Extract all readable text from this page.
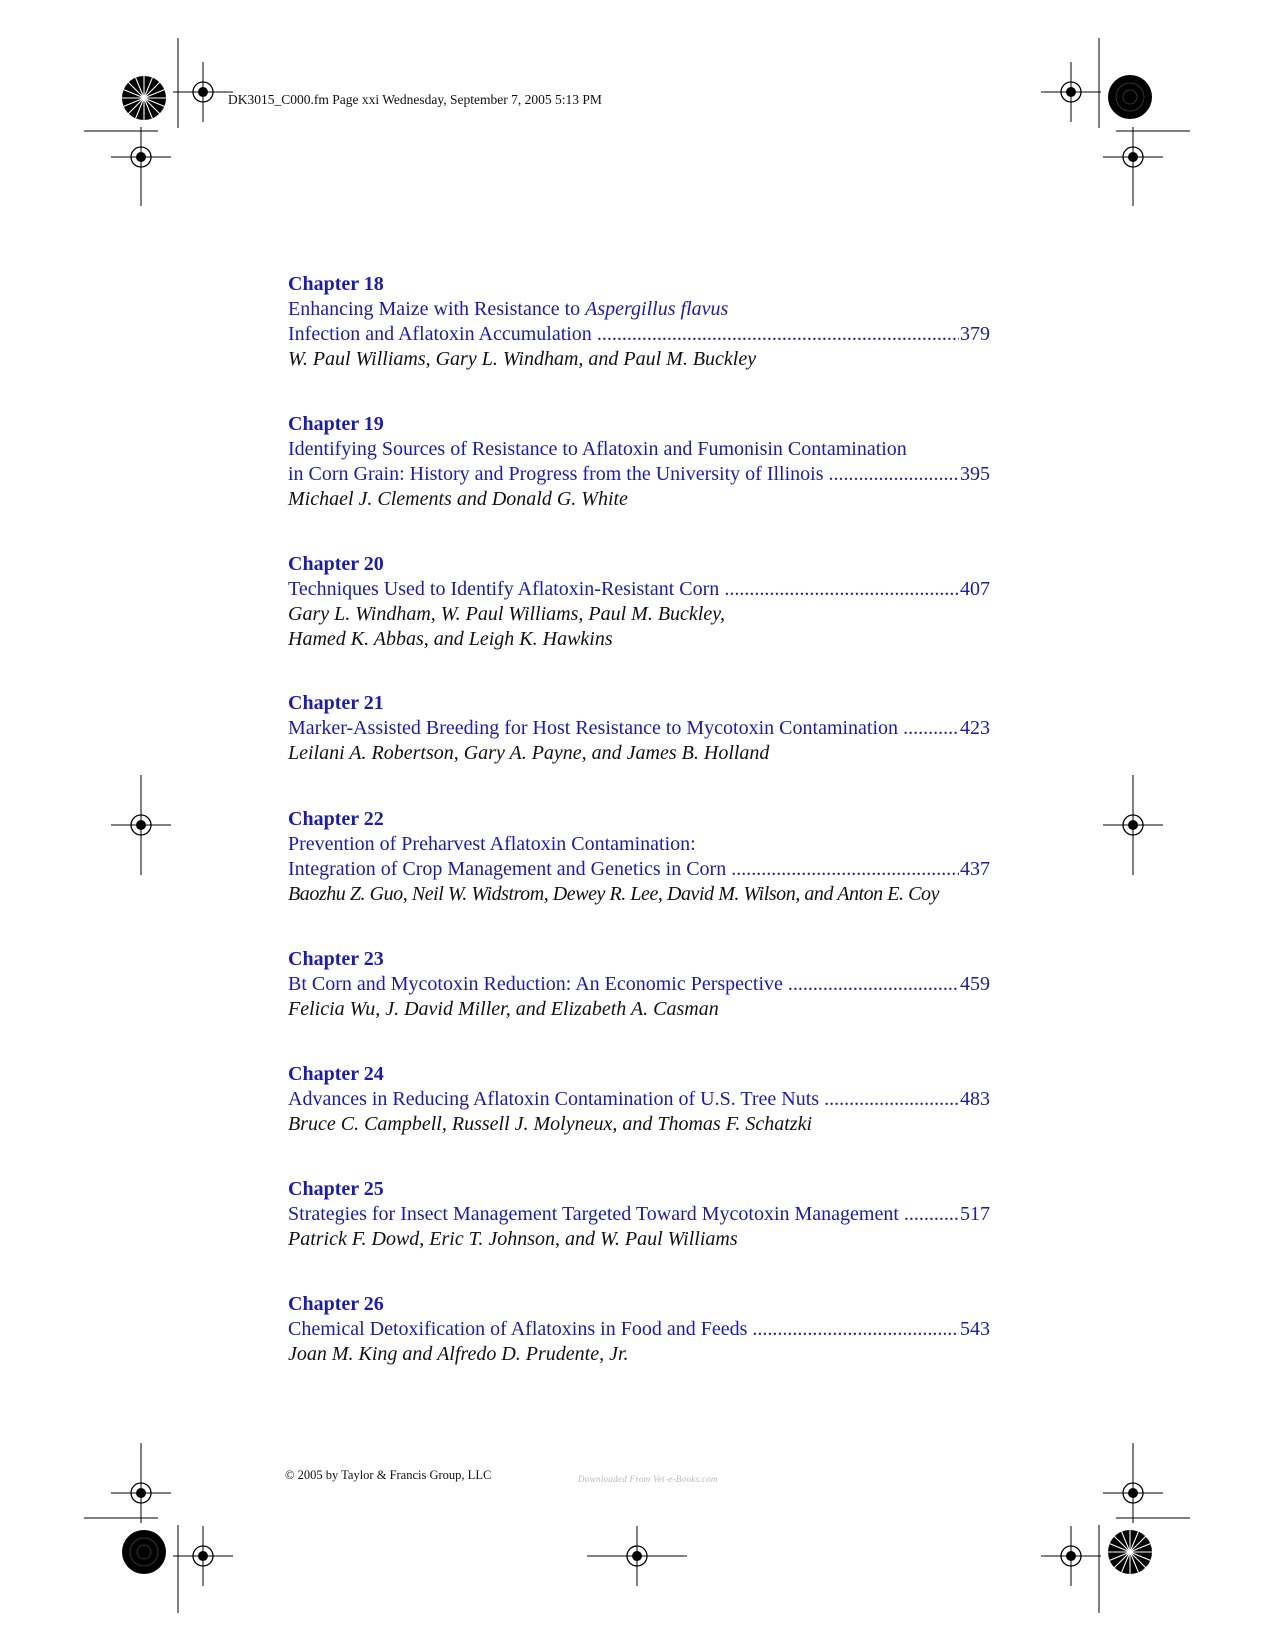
DK3015_C000.fm Page xxi Wednesday, September 7, 2005 5:13 PM
Chapter 18
Enhancing Maize with Resistance to Aspergillus flavus
Infection and Aflatoxin Accumulation .....	379
W. Paul Williams, Gary L. Windham, and Paul M. Buckley
Chapter 19
Identifying Sources of Resistance to Aflatoxin and Fumonisin Contamination
in Corn Grain: History and Progress from the University of Illinois .....	395
Michael J. Clements and Donald G. White
Chapter 20
Techniques Used to Identify Aflatoxin-Resistant Corn .....	407
Gary L. Windham, W. Paul Williams, Paul M. Buckley,
Hamed K. Abbas, and Leigh K. Hawkins
Chapter 21
Marker-Assisted Breeding for Host Resistance to Mycotoxin Contamination .....	423
Leilani A. Robertson, Gary A. Payne, and James B. Holland
Chapter 22
Prevention of Preharvest Aflatoxin Contamination:
Integration of Crop Management and Genetics in Corn .....	437
Baozhu Z. Guo, Neil W. Widstrom, Dewey R. Lee, David M. Wilson, and Anton E. Coy
Chapter 23
Bt Corn and Mycotoxin Reduction: An Economic Perspective .....	459
Felicia Wu, J. David Miller, and Elizabeth A. Casman
Chapter 24
Advances in Reducing Aflatoxin Contamination of U.S. Tree Nuts .....	483
Bruce C. Campbell, Russell J. Molyneux, and Thomas F. Schatzki
Chapter 25
Strategies for Insect Management Targeted Toward Mycotoxin Management .....	517
Patrick F. Dowd, Eric T. Johnson, and W. Paul Williams
Chapter 26
Chemical Detoxification of Aflatoxins in Food and Feeds .....	543
Joan M. King and Alfredo D. Prudente, Jr.
© 2005 by Taylor & Francis Group, LLC	Downloaded From Vet-e-Books.com
